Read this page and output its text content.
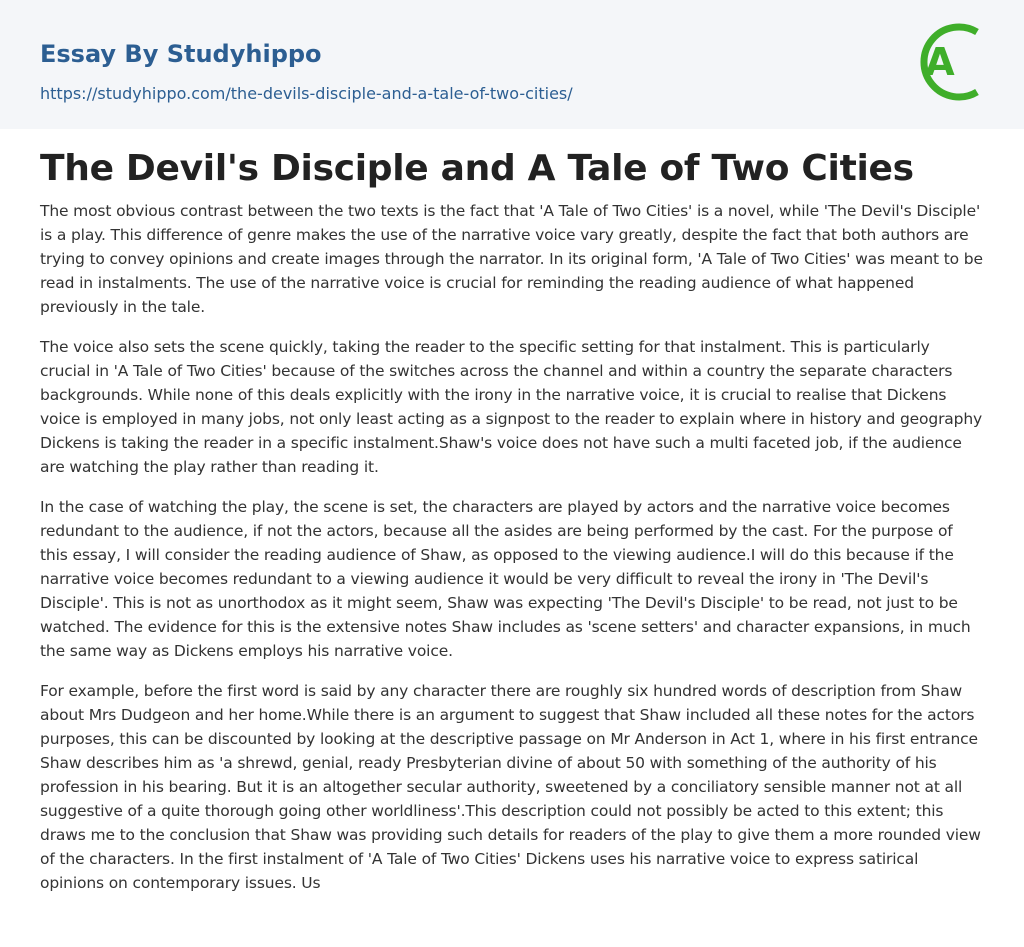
Essay By Studyhippo
https://studyhippo.com/the-devils-disciple-and-a-tale-of-two-cities/
A
The Devil's Disciple and A Tale of Two Cities

The most obvious contrast between the two texts is the fact that 'A Tale of Two Cities' is a novel, while 'The Devil's Disciple' is a play. This difference of genre makes the use of the narrative voice vary greatly, despite the fact that both authors are trying to convey opinions and create images through the narrator. In its original form, 'A Tale of Two Cities' was meant to be read in instalments. The use of the narrative voice is crucial for reminding the reading audience of what happened previously in the tale.

The voice also sets the scene quickly, taking the reader to the specific setting for that instalment. This is particularly crucial in 'A Tale of Two Cities' because of the switches across the channel and within a country the separate characters backgrounds. While none of this deals explicitly with the irony in the narrative voice, it is crucial to realise that Dickens voice is employed in many jobs, not only least acting as a signpost to the reader to explain where in history and geography Dickens is taking the reader in a specific instalment.Shaw's voice does not have such a multi faceted job, if the audience are watching the play rather than reading it.

In the case of watching the play, the scene is set, the characters are played by actors and the narrative voice becomes redundant to the audience, if not the actors, because all the asides are being performed by the cast. For the purpose of this essay, I will consider the reading audience of Shaw, as opposed to the viewing audience.I will do this because if the narrative voice becomes redundant to a viewing audience it would be very difficult to reveal the irony in 'The Devil's Disciple'. This is not as unorthodox as it might seem, Shaw was expecting 'The Devil's Disciple' to be read, not just to be watched. The evidence for this is the extensive notes Shaw includes as 'scene setters' and character expansions, in much the same way as Dickens employs his narrative voice.

For example, before the first word is said by any character there are roughly six hundred words of description from Shaw about Mrs Dudgeon and her home.While there is an argument to suggest that Shaw included all these notes for the actors purposes, this can be discounted by looking at the descriptive passage on Mr Anderson in Act 1, where in his first entrance Shaw describes him as 'a shrewd, genial, ready Presbyterian divine of about 50 with something of the authority of his profession in his bearing. But it is an altogether secular authority, sweetened by a conciliatory sensible manner not at all suggestive of a quite thorough going other worldliness'.This description could not possibly be acted to this extent; this draws me to the conclusion that Shaw was providing such details for readers of the play to give them a more rounded view of the characters. In the first instalment of 'A Tale of Two Cities' Dickens uses his narrative voice to express satirical opinions on contemporary issues. Us
